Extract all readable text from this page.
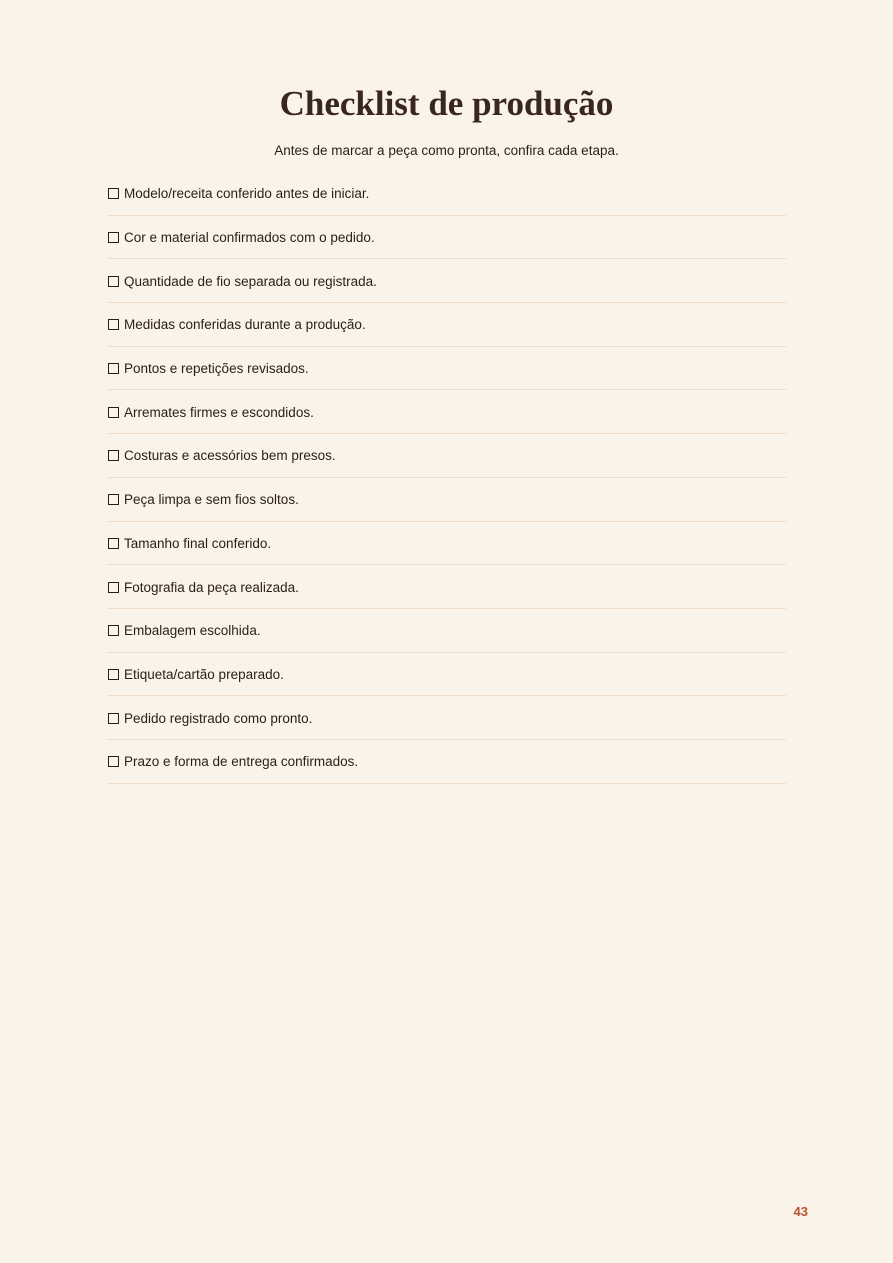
Checklist de produção

Antes de marcar a peça como pronta, confira cada etapa.

Modelo/receita conferido antes de iniciar.
Cor e material confirmados com o pedido.
Quantidade de fio separada ou registrada.
Medidas conferidas durante a produção.
Pontos e repetições revisados.
Arremates firmes e escondidos.
Costuras e acessórios bem presos.
Peça limpa e sem fios soltos.
Tamanho final conferido.
Fotografia da peça realizada.
Embalagem escolhida.
Etiqueta/cartão preparado.
Pedido registrado como pronto.
Prazo e forma de entrega confirmados.
43
